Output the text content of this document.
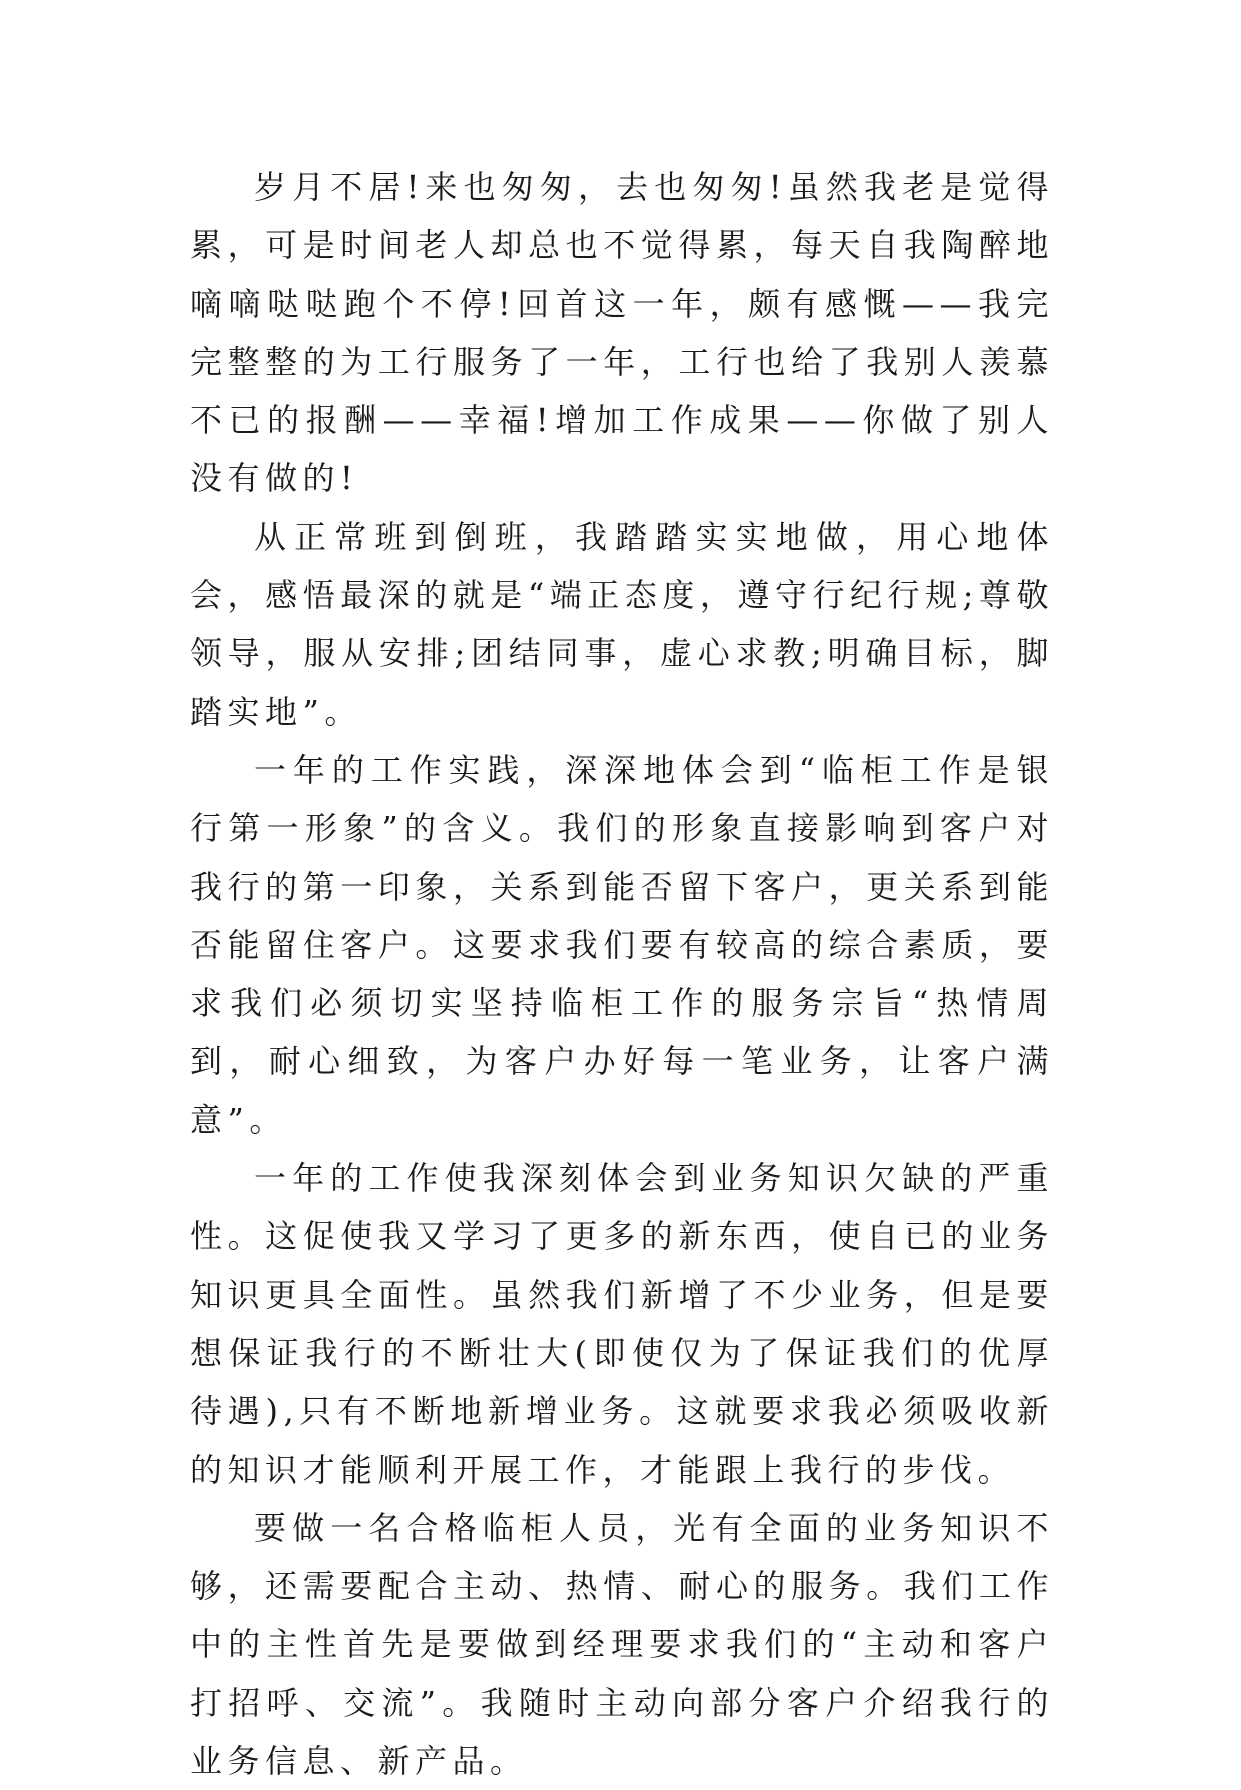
岁月不居!来也匆匆，去也匆匆!虽然我老是觉得累，可是时间老人却总也不觉得累，每天自我陶醉地嘀嘀哒哒跑个不停!回首这一年，颇有感慨——我完完整整的为工行服务了一年，工行也给了我别人羡慕不已的报酬——幸福!增加工作成果——你做了别人没有做的!

从正常班到倒班，我踏踏实实地做，用心地体会，感悟最深的就是“端正态度，遵守行纪行规;尊敬领导，服从安排;团结同事，虚心求教;明确目标，脚踏实地”。

一年的工作实践，深深地体会到“临柜工作是银行第一形象”的含义。我们的形象直接影响到客户对我行的第一印象，关系到能否留下客户，更关系到能否能留住客户。这要求我们要有较高的综合素质，要求我们必须切实坚持临柜工作的服务宗旨“热情周到，耐心细致，为客户办好每一笔业务，让客户满意”。

一年的工作使我深刻体会到业务知识欠缺的严重性。这促使我又学习了更多的新东西，使自已的业务知识更具全面性。虽然我们新增了不少业务，但是要想保证我行的不断壮大(即使仅为了保证我们的优厚待遇),只有不断地新增业务。这就要求我必须吸收新的知识才能顺利开展工作，才能跟上我行的步伐。

要做一名合格临柜人员，光有全面的业务知识不够，还需要配合主动、热情、耐心的服务。我们工作中的主性首先是要做到经理要求我们的“主动和客户打招呼、交流”。我随时主动向部分客户介绍我行的业务信息、新产品。
